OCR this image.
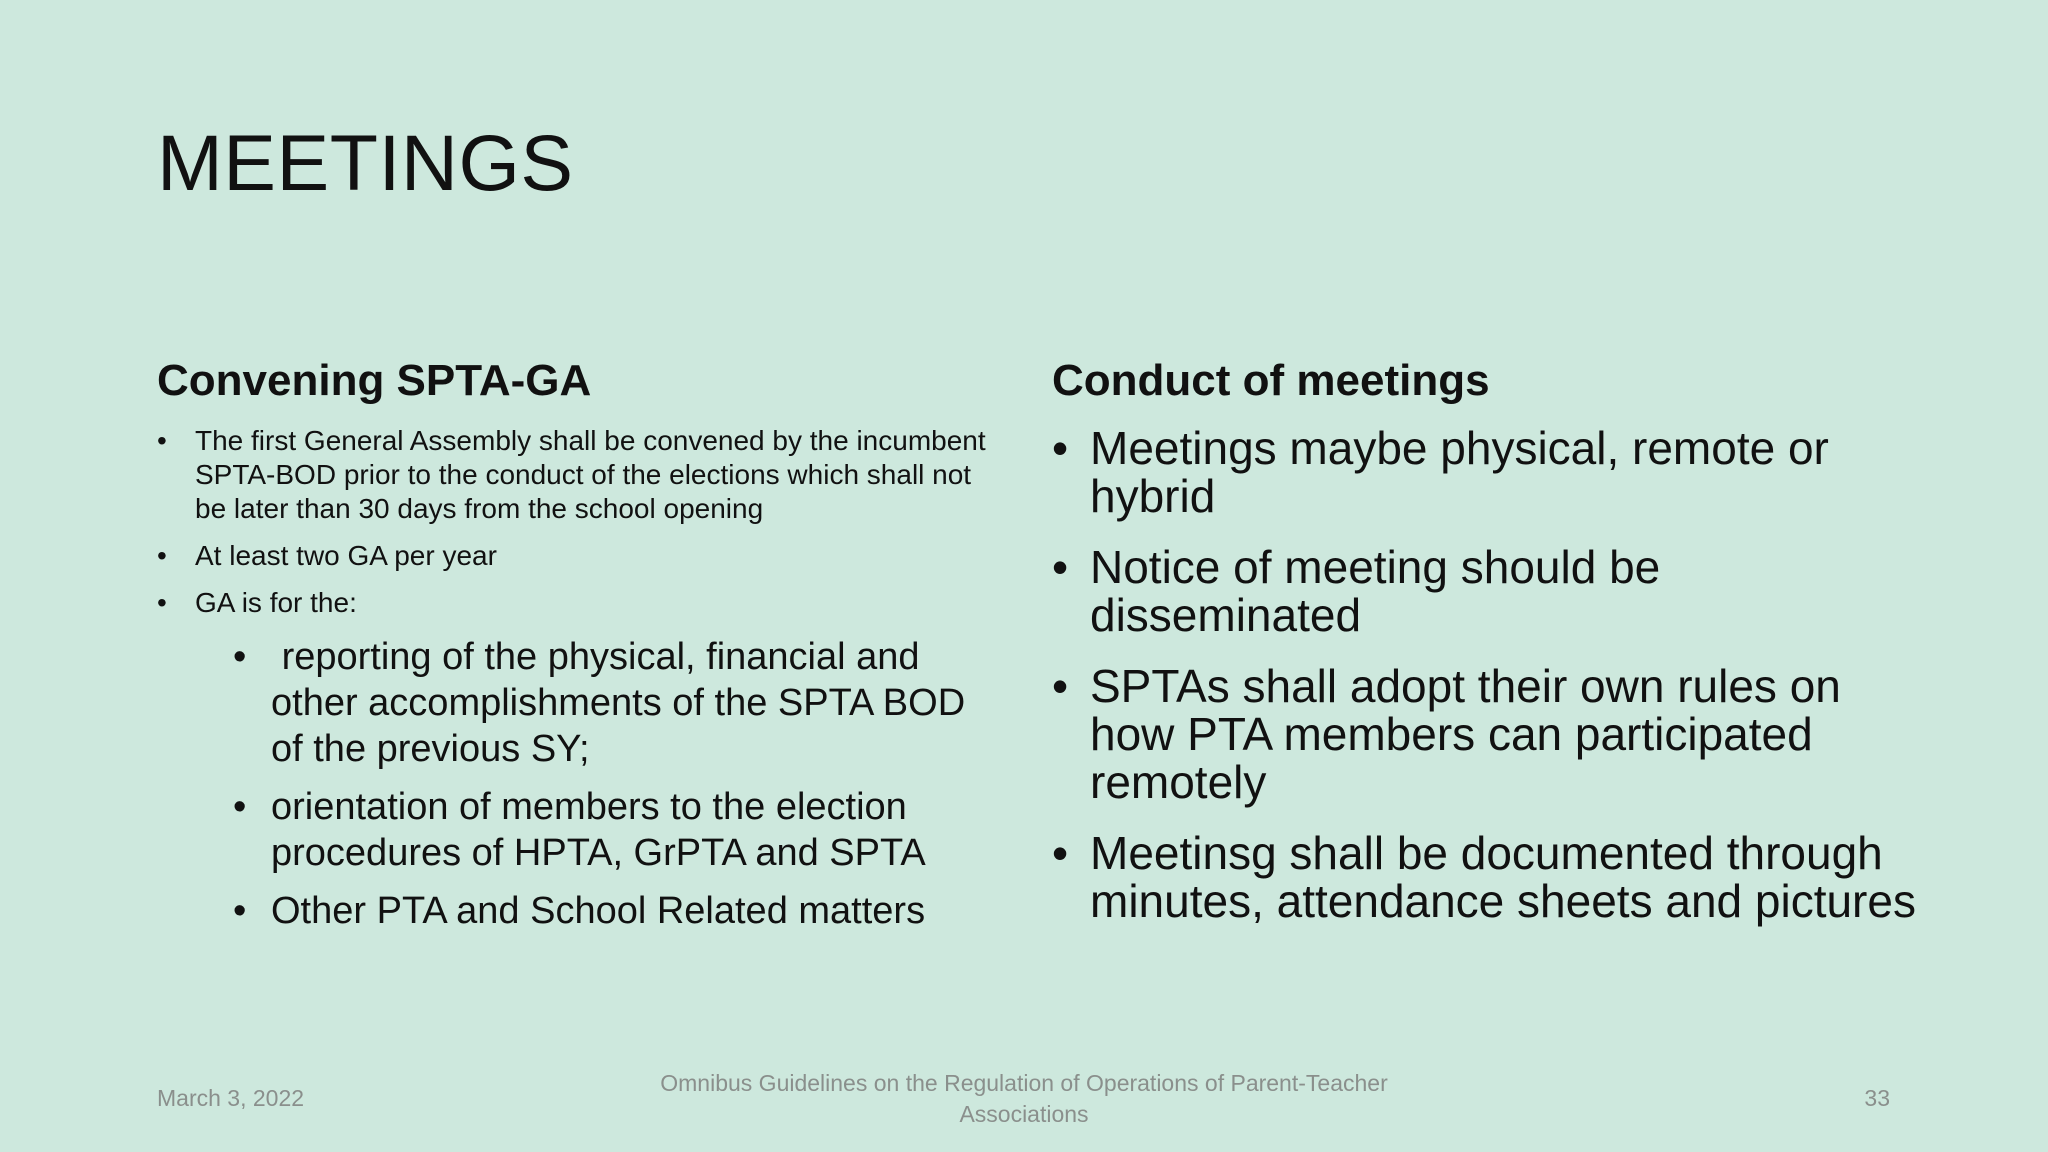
MEETINGS
Convening SPTA-GA
• The first General Assembly shall be convened by the incumbent SPTA-BOD prior to the conduct of the elections which shall not be later than 30 days from the school opening
• At least two GA per year
• GA is for the:
•  reporting of the physical, financial and other accomplishments of the SPTA BOD of the previous SY;
• orientation of members to the election procedures of HPTA, GrPTA and SPTA
• Other PTA and School Related matters
Conduct of meetings
• Meetings maybe physical, remote or hybrid
• Notice of meeting should be disseminated
• SPTAs shall adopt their own rules on how PTA members can participated remotely
• Meetinsg shall be documented through minutes, attendance sheets and pictures
March 3, 2022
Omnibus Guidelines on the Regulation of Operations of Parent-Teacher Associations
33
